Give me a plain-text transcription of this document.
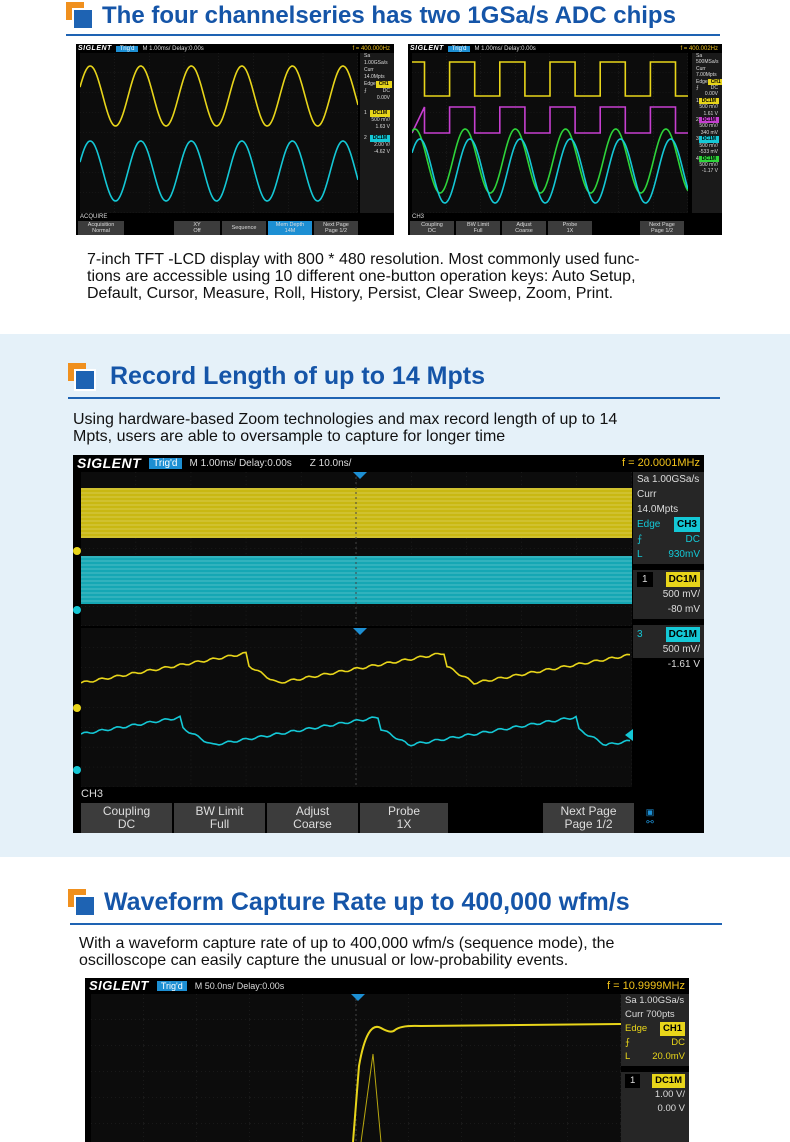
The four channelseries has two 1GSa/s ADC chips
SIGLENT	Trig'd	M 1.00ms/ Delay:0.00s	f = 400.000Hz
Sa 1.00GSa/s
Curr 14.0Mpts
Edge CH1
⨍	DC
0.00V
1	DC1M
500 mV/
1.63 V
2	DC1M
2.00 V/
-4.62 V
ACQUIRE
Acquisition
Normal
XY
Off
Sequence
Mem Depth
14M
Next Page
Page 1/2
SIGLENT	Trig'd	M 1.00ms/ Delay:0.00s	f = 400.002Hz
Sa 500MSa/s
Curr 7.00Mpts
Edge CH1
⨍ DC
0.00V
1 DC1M
500 mV/
1.61 V
2 DC1M
500 mV/
340 mV
3 DC1M
500 mV/
-533 mV
4 DC1M
500 mV/
-1.17 V
CH3
Coupling
DC
BW Limit
Full
Adjust
Coarse
Probe
1X
Next Page
Page 1/2
7-inch TFT -LCD display with 800 * 480 resolution. Most commonly used func-
tions are accessible using 10 different one-button operation keys: Auto Setup,
Default, Cursor, Measure, Roll, History, Persist, Clear Sweep, Zoom, Print.
Record Length of up to 14 Mpts
Using hardware-based Zoom technologies and max record length of up to 14
Mpts, users are able to oversample to capture for longer time
SIGLENT	Trig'd	M 1.00ms/ Delay:0.00s Z 10.0ns/	f = 20.0001MHz
Sa 1.00GSa/s
Curr 14.0Mpts
Edge	CH3
⨍	DC
L	930mV
1	DC1M
500 mV/
-80 mV
3	DC1M
500 mV/
-1.61 V
CH3
Coupling
DC
BW Limit
Full
Adjust
Coarse
Probe
1X
Next Page
Page 1/2
▣
⚯
Waveform Capture Rate up to 400,000 wfm/s
With a waveform capture rate of up to 400,000 wfm/s (sequence mode), the
oscilloscope can easily capture the unusual or low-probability events.
SIGLENT	Trig'd	M 50.0ns/ Delay:0.00s	f = 10.9999MHz
Sa 1.00GSa/s
Curr 700pts
Edge	CH1
⨍	DC
L 20.0mV
1	DC1M
1.00 V/
0.00 V
